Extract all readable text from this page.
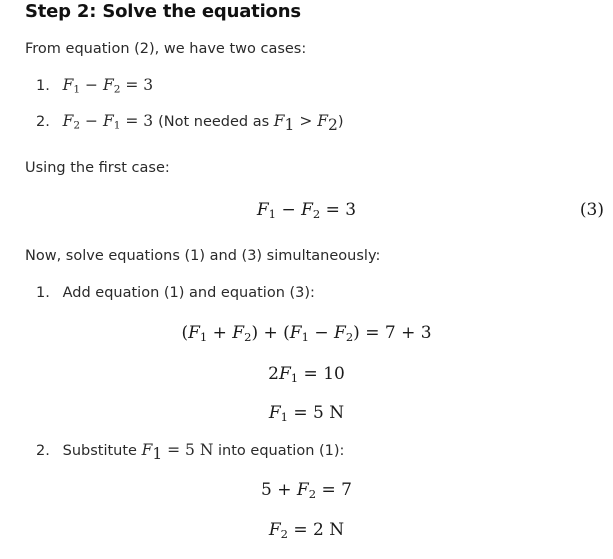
Step 2: Solve the equations
From equation (2), we have two cases:
1. $F_1 - F_2 = 3$
2. $F_2 - F_1 = 3$ (Not needed as $F_1 > F_2$)
Using the first case:
$F_1 - F_2 = 3$	(3)
Now, solve equations (1) and (3) simultaneously:
1. Add equation (1) and equation (3):
$(F_1 + F_2) + (F_1 - F_2) = 7 + 3$
$2F_1 = 10$
$F_1 = 5$ N
2. Substitute $F_1 = 5$ N into equation (1):
$5 + F_2 = 7$
$F_2 = 2$ N
